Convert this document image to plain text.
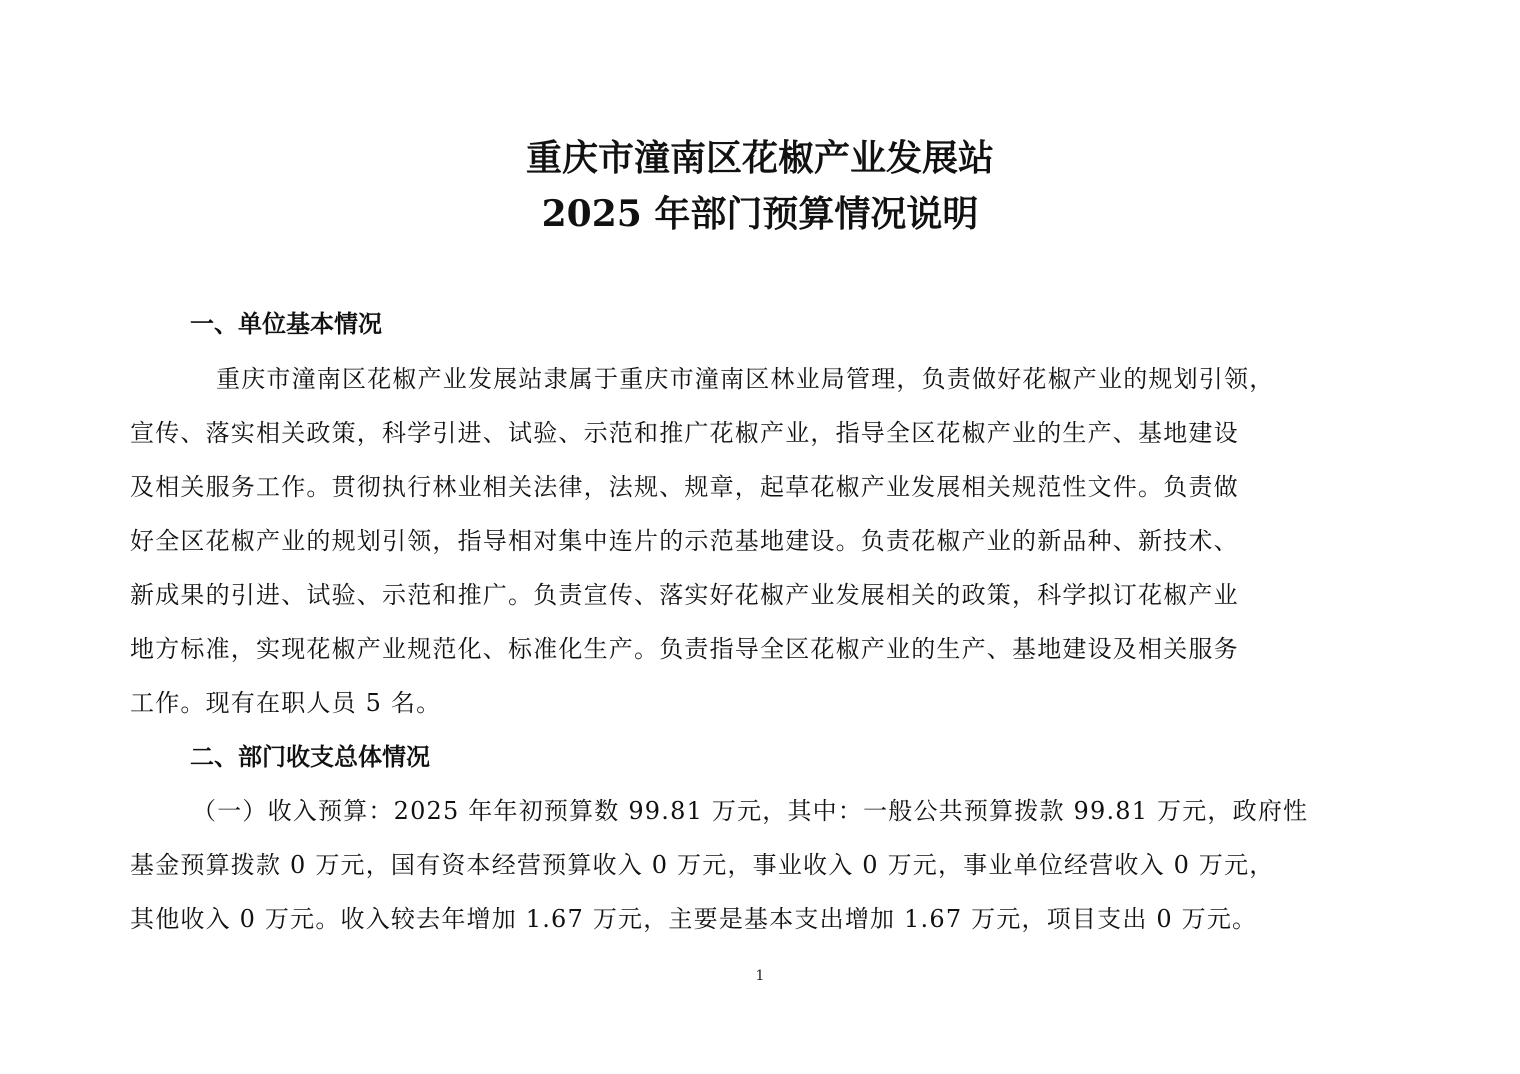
重庆市潼南区花椒产业发展站
2025 年部门预算情况说明
一、单位基本情况
重庆市潼南区花椒产业发展站隶属于重庆市潼南区林业局管理，负责做好花椒产业的规划引领，
宣传、落实相关政策，科学引进、试验、示范和推广花椒产业，指导全区花椒产业的生产、基地建设
及相关服务工作。贯彻执行林业相关法律，法规、规章，起草花椒产业发展相关规范性文件。负责做
好全区花椒产业的规划引领，指导相对集中连片的示范基地建设。负责花椒产业的新品种、新技术、
新成果的引进、试验、示范和推广。负责宣传、落实好花椒产业发展相关的政策，科学拟订花椒产业
地方标准，实现花椒产业规范化、标准化生产。负责指导全区花椒产业的生产、基地建设及相关服务
工作。现有在职人员 5 名。
二、部门收支总体情况
（一）收入预算：2025 年年初预算数 99.81 万元，其中：一般公共预算拨款 99.81 万元，政府性
基金预算拨款 0 万元，国有资本经营预算收入 0 万元，事业收入 0 万元，事业单位经营收入 0 万元，
其他收入 0 万元。收入较去年增加 1.67 万元，主要是基本支出增加 1.67 万元，项目支出 0 万元。
1
